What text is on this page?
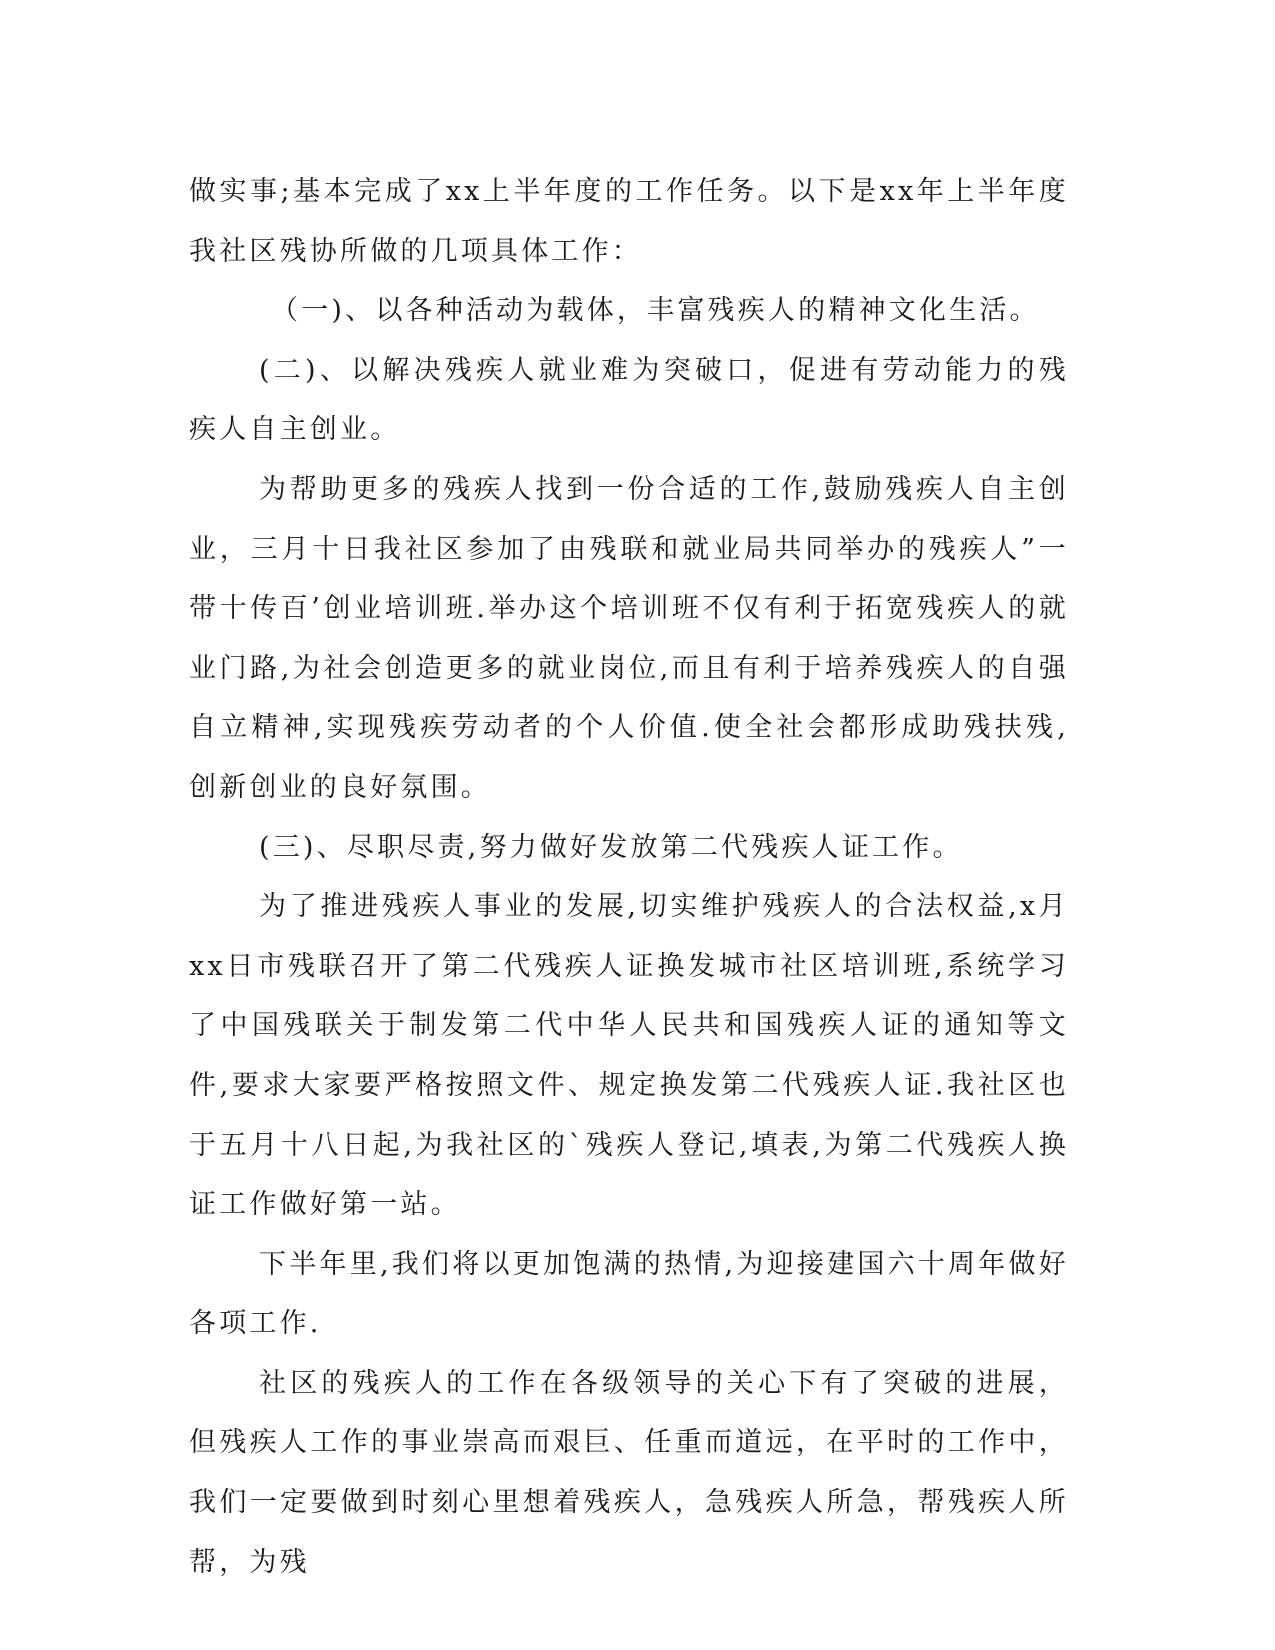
做实事;基本完成了xx上半年度的工作任务。以下是xx年上半年度我社区残协所做的几项具体工作：

（一)、以各种活动为载体，丰富残疾人的精神文化生活。

(二)、以解决残疾人就业难为突破口，促进有劳动能力的残疾人自主创业。

为帮助更多的残疾人找到一份合适的工作,鼓励残疾人自主创业，三月十日我社区参加了由残联和就业局共同举办的残疾人”一带十传百’创业培训班.举办这个培训班不仅有利于拓宽残疾人的就业门路,为社会创造更多的就业岗位,而且有利于培养残疾人的自强自立精神,实现残疾劳动者的个人价值.使全社会都形成助残扶残,创新创业的良好氛围。

(三)、尽职尽责,努力做好发放第二代残疾人证工作。

为了推进残疾人事业的发展,切实维护残疾人的合法权益,x月xx日市残联召开了第二代残疾人证换发城市社区培训班,系统学习了中国残联关于制发第二代中华人民共和国残疾人证的通知等文件,要求大家要严格按照文件、规定换发第二代残疾人证.我社区也于五月十八日起,为我社区的`残疾人登记,填表,为第二代残疾人换证工作做好第一站。

下半年里,我们将以更加饱满的热情,为迎接建国六十周年做好各项工作.

社区的残疾人的工作在各级领导的关心下有了突破的进展，但残疾人工作的事业崇高而艰巨、任重而道远，在平时的工作中，我们一定要做到时刻心里想着残疾人，急残疾人所急，帮残疾人所帮，为残
